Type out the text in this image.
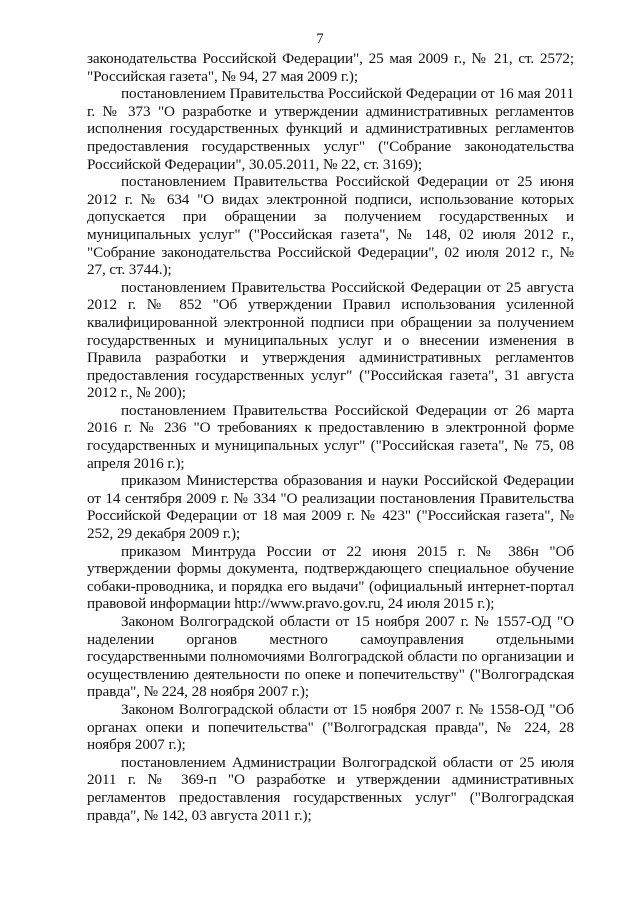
7

законодательства Российской Федерации", 25 мая 2009 г., № 21, ст. 2572; "Российская газета", № 94, 27 мая 2009 г.);

постановлением Правительства Российской Федерации от 16 мая 2011 г. № 373 "О разработке и утверждении административных регламентов исполнения государственных функций и административных регламентов предоставления государственных услуг" ("Собрание законодательства Российской Федерации", 30.05.2011, № 22, ст. 3169);

постановлением Правительства Российской Федерации от 25 июня 2012 г. № 634 "О видах электронной подписи, использование которых допускается при обращении за получением государственных и муниципальных услуг" ("Российская газета", № 148, 02 июля 2012 г., "Собрание законодательства Российской Федерации", 02 июля 2012 г., № 27, ст. 3744.);

постановлением Правительства Российской Федерации от 25 августа 2012 г. № 852 "Об утверждении Правил использования усиленной квалифицированной электронной подписи при обращении за получением государственных и муниципальных услуг и о внесении изменения в Правила разработки и утверждения административных регламентов предоставления государственных услуг" ("Российская газета", 31 августа 2012 г., № 200);

постановлением Правительства Российской Федерации от 26 марта 2016 г. № 236 "О требованиях к предоставлению в электронной форме государственных и муниципальных услуг" ("Российская газета", № 75, 08 апреля 2016 г.);

приказом Министерства образования и науки Российской Федерации от 14 сентября 2009 г. № 334 "О реализации постановления Правительства Российской Федерации от 18 мая 2009 г. № 423" ("Российская газета", № 252, 29 декабря 2009 г.);

приказом Минтруда России от 22 июня 2015 г. № 386н "Об утверждении формы документа, подтверждающего специальное обучение собаки-проводника, и порядка его выдачи" (официальный интернет-портал правовой информации http://www.pravo.gov.ru, 24 июля 2015 г.);

Законом Волгоградской области от 15 ноября 2007 г. № 1557-ОД "О наделении органов местного самоуправления отдельными государственными полномочиями Волгоградской области по организации и осуществлению деятельности по опеке и попечительству" ("Волгоградская правда", № 224, 28 ноября 2007 г.);

Законом Волгоградской области от 15 ноября 2007 г. № 1558-ОД "Об органах опеки и попечительства" ("Волгоградская правда", № 224, 28 ноября 2007 г.);

постановлением Администрации Волгоградской области от 25 июля 2011 г. № 369-п "О разработке и утверждении административных регламентов предоставления государственных услуг" ("Волгоградская правда", № 142, 03 августа 2011 г.);
